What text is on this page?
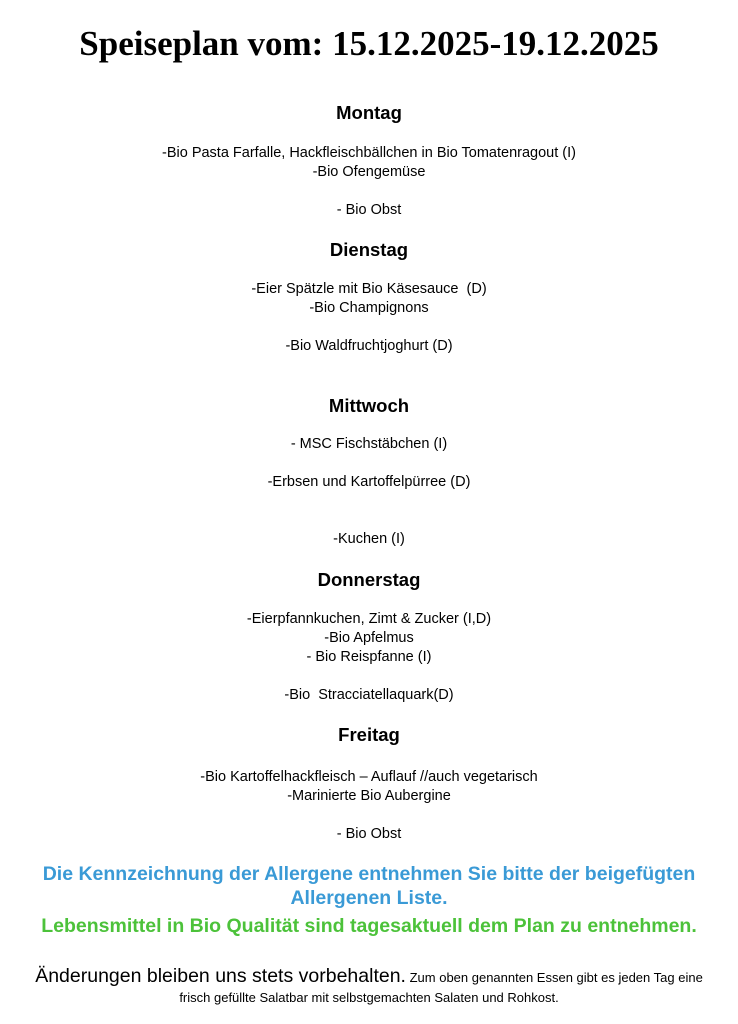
Speiseplan vom: 15.12.2025-19.12.2025
Montag
-Bio Pasta Farfalle, Hackfleischbällchen in Bio Tomatenragout (I)
-Bio Ofengemüse
- Bio Obst
Dienstag
-Eier Spätzle mit Bio Käsesauce  (D)
-Bio Champignons
-Bio Waldfruchtjoghurt (D)
Mittwoch
- MSC Fischstäbchen (I)
-Erbsen und Kartoffelpürree (D)
-Kuchen (I)
Donnerstag
-Eierpfannkuchen, Zimt & Zucker (I,D)
-Bio Apfelmus
- Bio Reispfanne (I)
-Bio  Stracciatellaquark(D)
Freitag
-Bio Kartoffelhackfleisch – Auflauf //auch vegetarisch
-Marinierte Bio Aubergine
- Bio Obst

Die Kennzeichnung der Allergene entnehmen Sie bitte der beigefügten Allergenen Liste.

Lebensmittel in Bio Qualität sind tagesaktuell dem Plan zu entnehmen.

Änderungen bleiben uns stets vorbehalten. Zum oben genannten Essen gibt es jeden Tag eine frisch gefüllte Salatbar mit selbstgemachten Salaten und Rohkost.
